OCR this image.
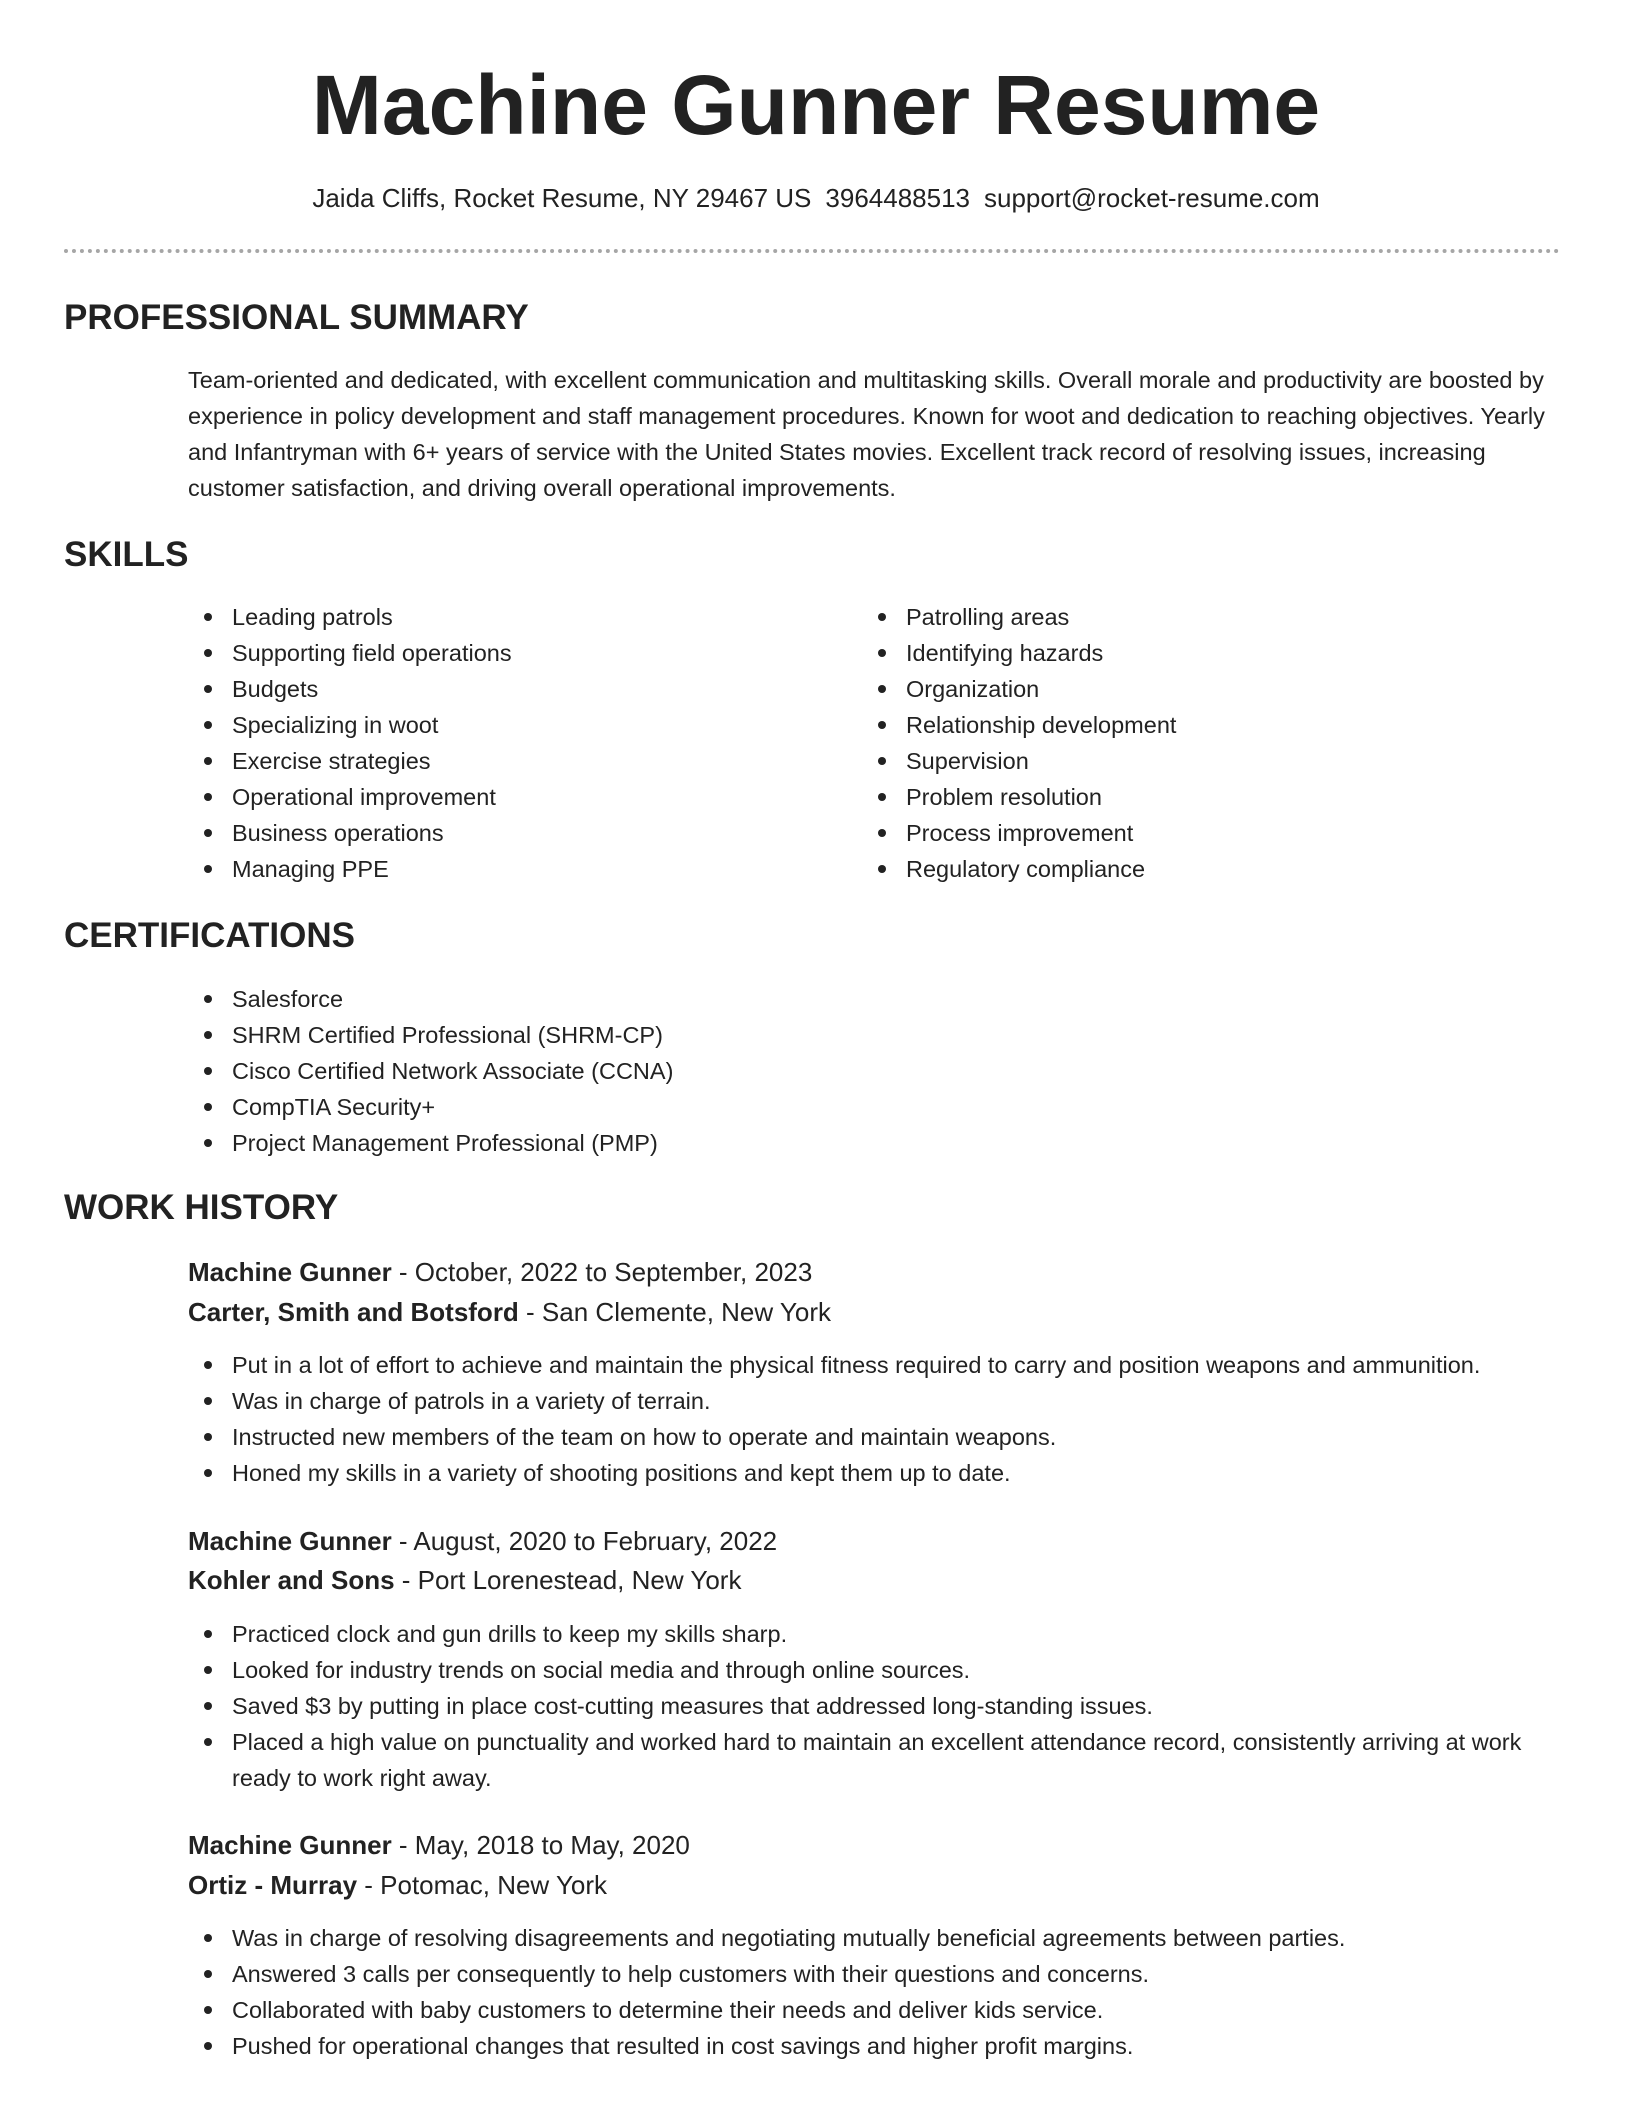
Machine Gunner Resume
Jaida Cliffs, Rocket Resume, NY 29467 US 3964488513 support@rocket-resume.com
PROFESSIONAL SUMMARY

Team-oriented and dedicated, with excellent communication and multitasking skills. Overall morale and productivity are boosted by experience in policy development and staff management procedures. Known for woot and dedication to reaching objectives. Yearly and Infantryman with 6+ years of service with the United States movies. Excellent track record of resolving issues, increasing customer satisfaction, and driving overall operational improvements.

SKILLS
Leading patrols
Supporting field operations
Budgets
Specializing in woot
Exercise strategies
Operational improvement
Business operations
Managing PPE
Patrolling areas
Identifying hazards
Organization
Relationship development
Supervision
Problem resolution
Process improvement
Regulatory compliance
CERTIFICATIONS
Salesforce
SHRM Certified Professional (SHRM-CP)
Cisco Certified Network Associate (CCNA)
CompTIA Security+
Project Management Professional (PMP)
WORK HISTORY
Machine Gunner - October, 2022 to September, 2023
Carter, Smith and Botsford - San Clemente, New York
Put in a lot of effort to achieve and maintain the physical fitness required to carry and position weapons and ammunition.
Was in charge of patrols in a variety of terrain.
Instructed new members of the team on how to operate and maintain weapons.
Honed my skills in a variety of shooting positions and kept them up to date.
Machine Gunner - August, 2020 to February, 2022
Kohler and Sons - Port Lorenestead, New York
Practiced clock and gun drills to keep my skills sharp.
Looked for industry trends on social media and through online sources.
Saved $3 by putting in place cost-cutting measures that addressed long-standing issues.
Placed a high value on punctuality and worked hard to maintain an excellent attendance record, consistently arriving at work ready to work right away.
Machine Gunner - May, 2018 to May, 2020
Ortiz - Murray - Potomac, New York
Was in charge of resolving disagreements and negotiating mutually beneficial agreements between parties.
Answered 3 calls per consequently to help customers with their questions and concerns.
Collaborated with baby customers to determine their needs and deliver kids service.
Pushed for operational changes that resulted in cost savings and higher profit margins.
